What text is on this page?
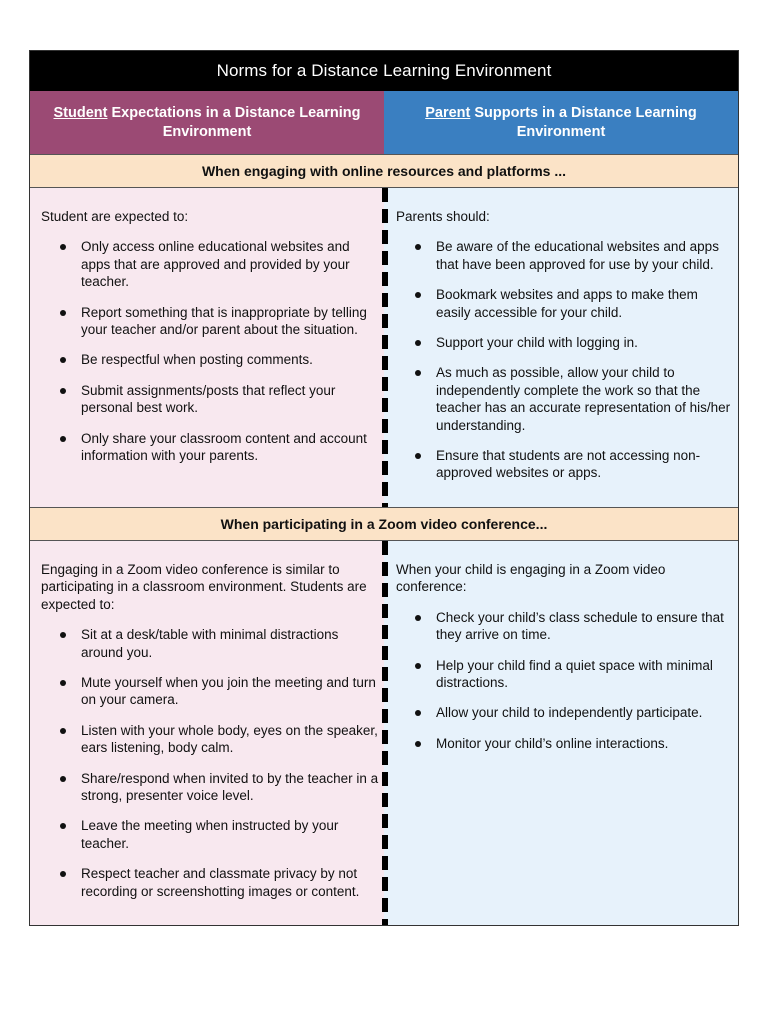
Norms for a Distance Learning Environment
Student Expectations in a Distance Learning Environment
Parent Supports in a Distance Learning Environment
When engaging with online resources and platforms ...

Student are expected to:

Only access online educational websites and apps that are approved and provided by your teacher.
Report something that is inappropriate by telling your teacher and/or parent about the situation.
Be respectful when posting comments.
Submit assignments/posts that reflect your personal best work.
Only share your classroom content and account information with your parents.

Parents should:

Be aware of the educational websites and apps that have been approved for use by your child.
Bookmark websites and apps to make them easily accessible for your child.
Support your child with logging in.
As much as possible, allow your child to independently complete the work so that the teacher has an accurate representation of his/her understanding.
Ensure that students are not accessing non-approved websites or apps.
When participating in a Zoom video conference...

Engaging in a Zoom video conference is similar to participating in a classroom environment. Students are expected to:

Sit at a desk/table with minimal distractions around you.
Mute yourself when you join the meeting and turn on your camera.
Listen with your whole body, eyes on the speaker, ears listening, body calm.
Share/respond when invited to by the teacher in a strong, presenter voice level.
Leave the meeting when instructed by your teacher.
Respect teacher and classmate privacy by not recording or screenshotting images or content.

When your child is engaging in a Zoom video conference:

Check your child’s class schedule to ensure that they arrive on time.
Help your child find a quiet space with minimal distractions.
Allow your child to independently participate.
Monitor your child’s online interactions.
